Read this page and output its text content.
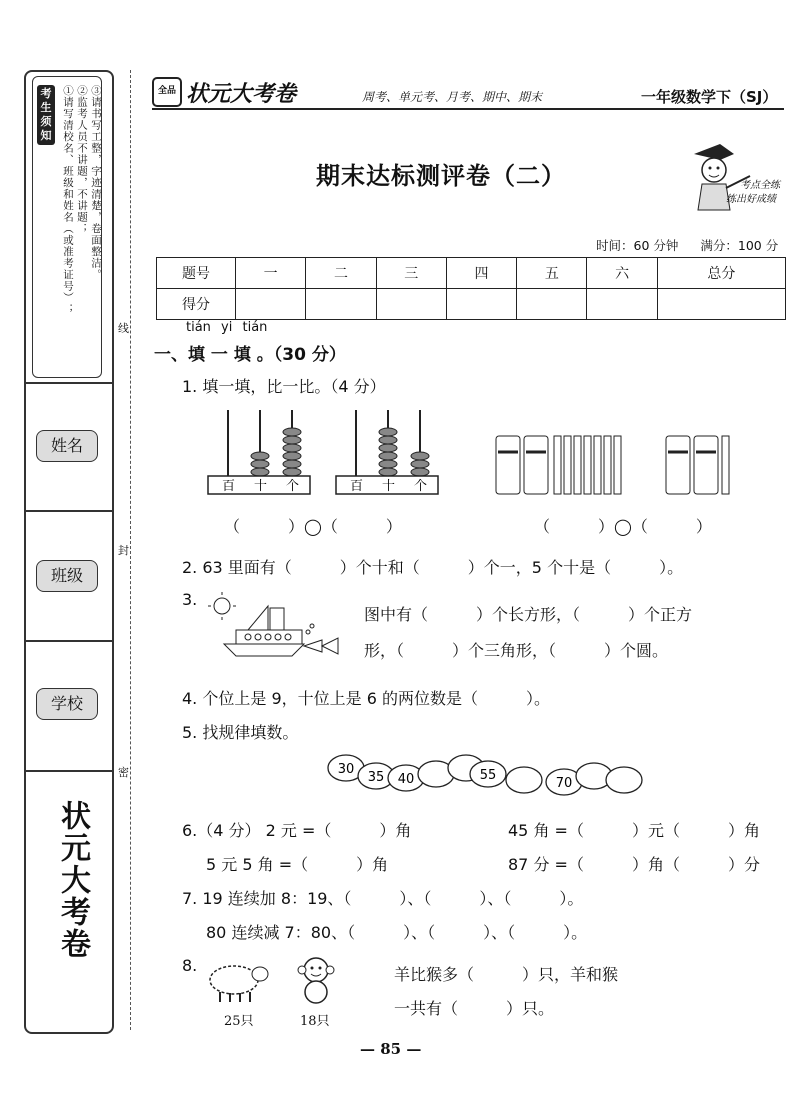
考生须知	①请写清校名、班级和姓名（或准考证号）； ②监考人员不讲题，不讲题； ③请书写工整，字迹清楚，卷面整洁。
姓名
班级
学校
状元大考卷
线
封
密
全品 状元大考卷	周考、单元考、月考、期中、期末	一年级数学下（SJ）
期末达标测评卷（二）	考点全练
练出好成绩
时间：60 分钟 满分：100 分
题号	一	二	三	四	五	六	总分
得分							
tián yi tián
一、填 一 填 。（30 分）
1. 填一填，比一比。（4 分）
百 十 个	百 十 个
（　　　）◯（　　　）	（　　　）◯（　　　）
2. 63 里面有（　　　）个十和（　　　）个一，5 个十是（　　　）。
3.
图中有（　　　）个长方形，（　　　）个正方
形，（　　　）个三角形，（　　　）个圆。
4. 个位上是 9，十位上是 6 的两位数是（　　　）。
5. 找规律填数。
30
35 40	55
70
6.（4 分） 2 元 =（　　　）角	45 角 =（　　　）元（　　　）角
5 元 5 角 =（　　　）角	87 分 =（　　　）角（　　　）分
7. 19 连续加 8：19、（　　　）、（　　　）、（　　　）。
80 连续减 7：80、（　　　）、（　　　）、（　　　）。
8.
25只	18只
羊比猴多（　　　）只，羊和猴
一共有（　　　）只。
— 85 —
